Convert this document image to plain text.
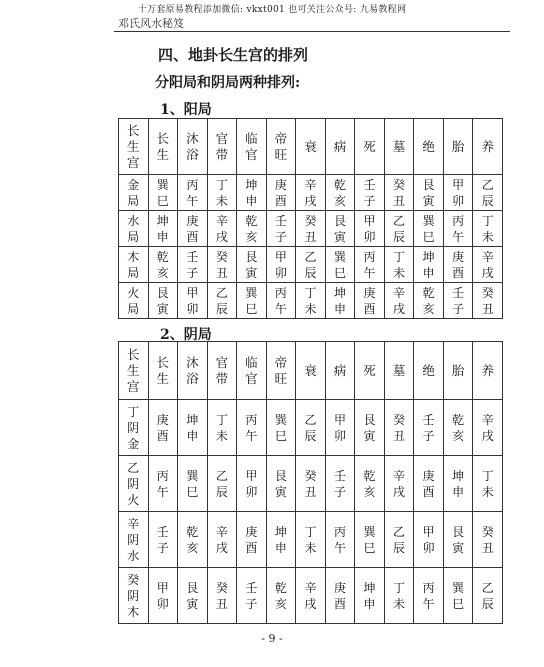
十万套原易教程添加微信: vkxt001 也可关注公众号: 九易教程网
邓氏风水秘笈
四、地卦长生宫的排列
分阳局和阴局两种排列:
1、阳局
长生宫	长生	沐浴	官带	临官	帝旺	衰	病	死	墓	绝	胎	养
金局	巽巳	丙午	丁未	坤申	庚酉	辛戌	乾亥	壬子	癸丑	艮寅	甲卯	乙辰
水局	坤申	庚酉	辛戌	乾亥	壬子	癸丑	艮寅	甲卯	乙辰	巽巳	丙午	丁未
木局	乾亥	壬子	癸丑	艮寅	甲卯	乙辰	巽巳	丙午	丁未	坤申	庚酉	辛戌
火局	艮寅	甲卯	乙辰	巽巳	丙午	丁未	坤申	庚酉	辛戌	乾亥	壬子	癸丑
2、阴局
长生宫	长生	沐浴	官带	临官	帝旺	衰	病	死	墓	绝	胎	养
丁阴金	庚酉	坤申	丁未	丙午	巽巳	乙辰	甲卯	艮寅	癸丑	壬子	乾亥	辛戌
乙阴火	丙午	巽巳	乙辰	甲卯	艮寅	癸丑	壬子	乾亥	辛戌	庚酉	坤申	丁未
辛阴水	壬子	乾亥	辛戌	庚酉	坤申	丁未	丙午	巽巳	乙辰	甲卯	艮寅	癸丑
癸阴木	甲卯	艮寅	癸丑	壬子	乾亥	辛戌	庚酉	坤申	丁未	丙午	巽巳	乙辰
- 9 -
